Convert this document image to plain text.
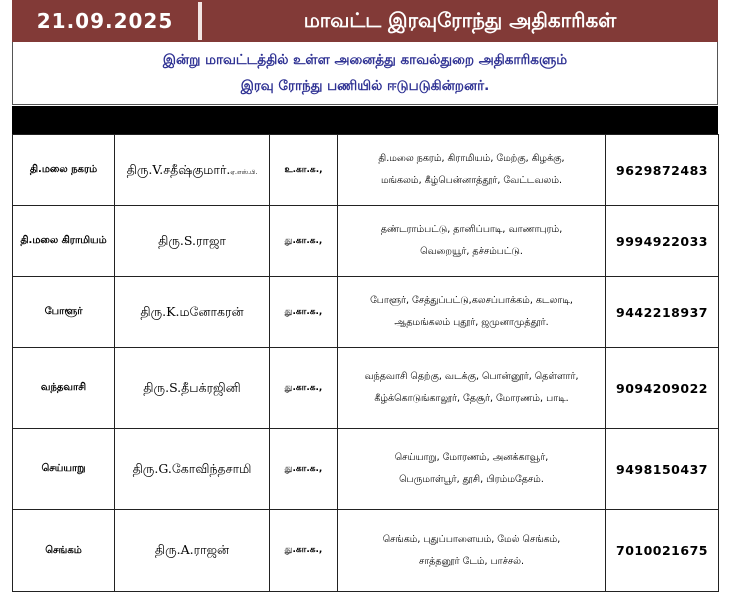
21.09.2025	மாவட்ட இரவுரோந்து அதிகாரிகள்
இன்று மாவட்டத்தில் உள்ள அனைத்து காவல்துறை அதிகாரிகளும்
இரவு ரோந்து பணியில் ஈடுபடுகின்றனர்.
தி.மலை நகரம்	திரு.V.சதீஷ்குமார்.ஏ.எஸ்.பி.	உ.கா.க.,	தி.மலை நகரம், கிராமியம், மேற்கு, கிழக்கு,
மங்கலம், கீழ்பென்னாத்தூர், வேட்டவலம்.	9629872483
தி.மலை கிராமியம்	திரு.S.ராஜா	து.கா.க.,	தண்டராம்பட்டு, தானிப்பாடி, வாணாபுரம்,
வெறையூர், தச்சம்பட்டு.	9994922033
போளூர்	திரு.K.மனோகரன்	து.கா.க.,	போளூர், சேத்துப்பட்டு,கலசப்பாக்கம், கடலாடி,
ஆதமங்கலம் புதூர், ஜமுனாமுத்தூர்.	9442218937
வந்தவாசி	திரு.S.தீபக்ரஜினி	து.கா.க.,	வந்தவாசி தெற்கு, வடக்கு, பொன்னூர், தெள்ளார்,
கீழ்க்கொடுங்காலூர், தேசூர், மோரணம், பாடி.	9094209022
செய்யாறு	திரு.G.கோவிந்தசாமி	து.கா.க.,	செய்யாறு, மோரணம், அனக்காவூர்,
பெருமாள்பூர், தூசி, பிரம்மதேசம்.	9498150437
செங்கம்	திரு.A.ராஜன்	து.கா.க.,	செங்கம், புதுப்பாளையம், மேல் செங்கம்,
சாத்தனூர் டேம், பாச்சல்.	7010021675
